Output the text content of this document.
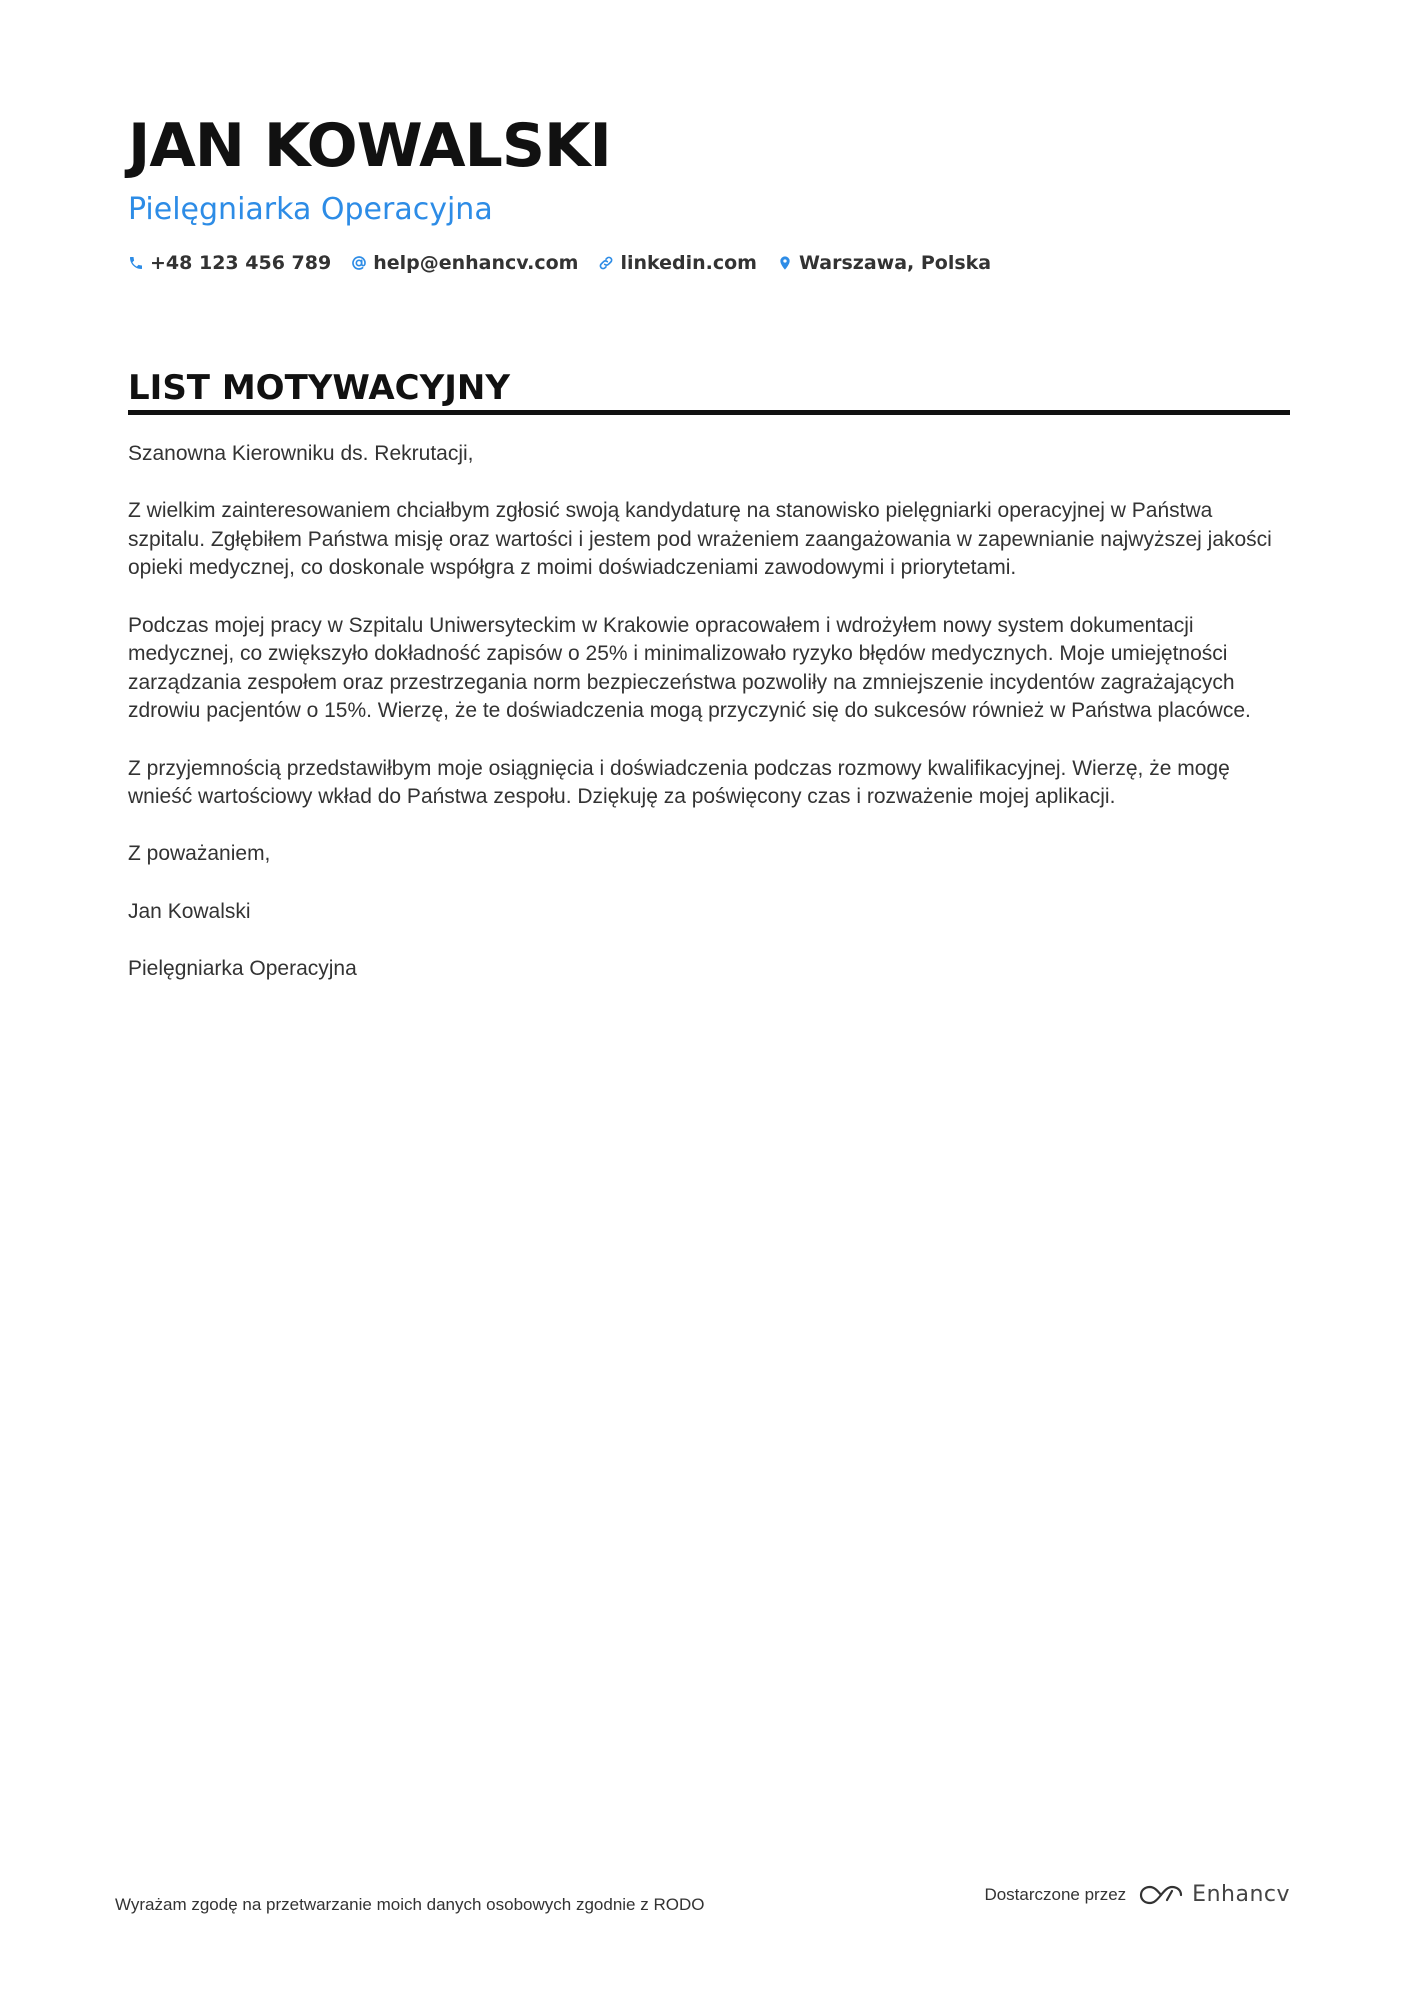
JAN KOWALSKI
Pielęgniarka Operacyjna
+48 123 456 789 help@enhancv.com linkedin.com Warszawa, Polska
LIST MOTYWACYJNY

Szanowna Kierowniku ds. Rekrutacji,

Z wielkim zainteresowaniem chciałbym zgłosić swoją kandydaturę na stanowisko pielęgniarki operacyjnej w Państwa szpitalu. Zgłębiłem Państwa misję oraz wartości i jestem pod wrażeniem zaangażowania w zapewnianie najwyższej jakości opieki medycznej, co doskonale współgra z moimi doświadczeniami zawodowymi i priorytetami.

Podczas mojej pracy w Szpitalu Uniwersyteckim w Krakowie opracowałem i wdrożyłem nowy system dokumentacji medycznej, co zwiększyło dokładność zapisów o 25% i minimalizowało ryzyko błędów medycznych. Moje umiejętności zarządzania zespołem oraz przestrzegania norm bezpieczeństwa pozwoliły na zmniejszenie incydentów zagrażających zdrowiu pacjentów o 15%. Wierzę, że te doświadczenia mogą przyczynić się do sukcesów również w Państwa placówce.

Z przyjemnością przedstawiłbym moje osiągnięcia i doświadczenia podczas rozmowy kwalifikacyjnej. Wierzę, że mogę wnieść wartościowy wkład do Państwa zespołu. Dziękuję za poświęcony czas i rozważenie mojej aplikacji.

Z poważaniem,

Jan Kowalski

Pielęgniarka Operacyjna

Wyrażam zgodę na przetwarzanie moich danych osobowych zgodnie z RODO
Dostarczone przez	Enhancv
